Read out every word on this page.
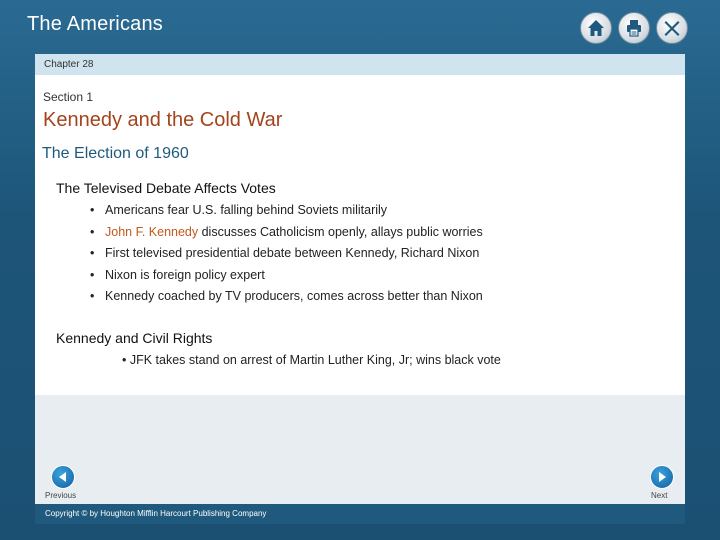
The Americans
Chapter 28
Section 1
Kennedy and the Cold War
The Election of 1960
The Televised Debate Affects Votes
• Americans fear U.S. falling behind Soviets militarily
• John F. Kennedy discusses Catholicism openly, allays public worries
• First televised presidential debate between Kennedy, Richard Nixon
• Nixon is foreign policy expert
• Kennedy coached by TV producers, comes across better than Nixon
Kennedy and Civil Rights
• JFK takes stand on arrest of Martin Luther King, Jr; wins black vote
Previous	Next
Copyright © by Houghton Mifflin Harcourt Publishing Company
